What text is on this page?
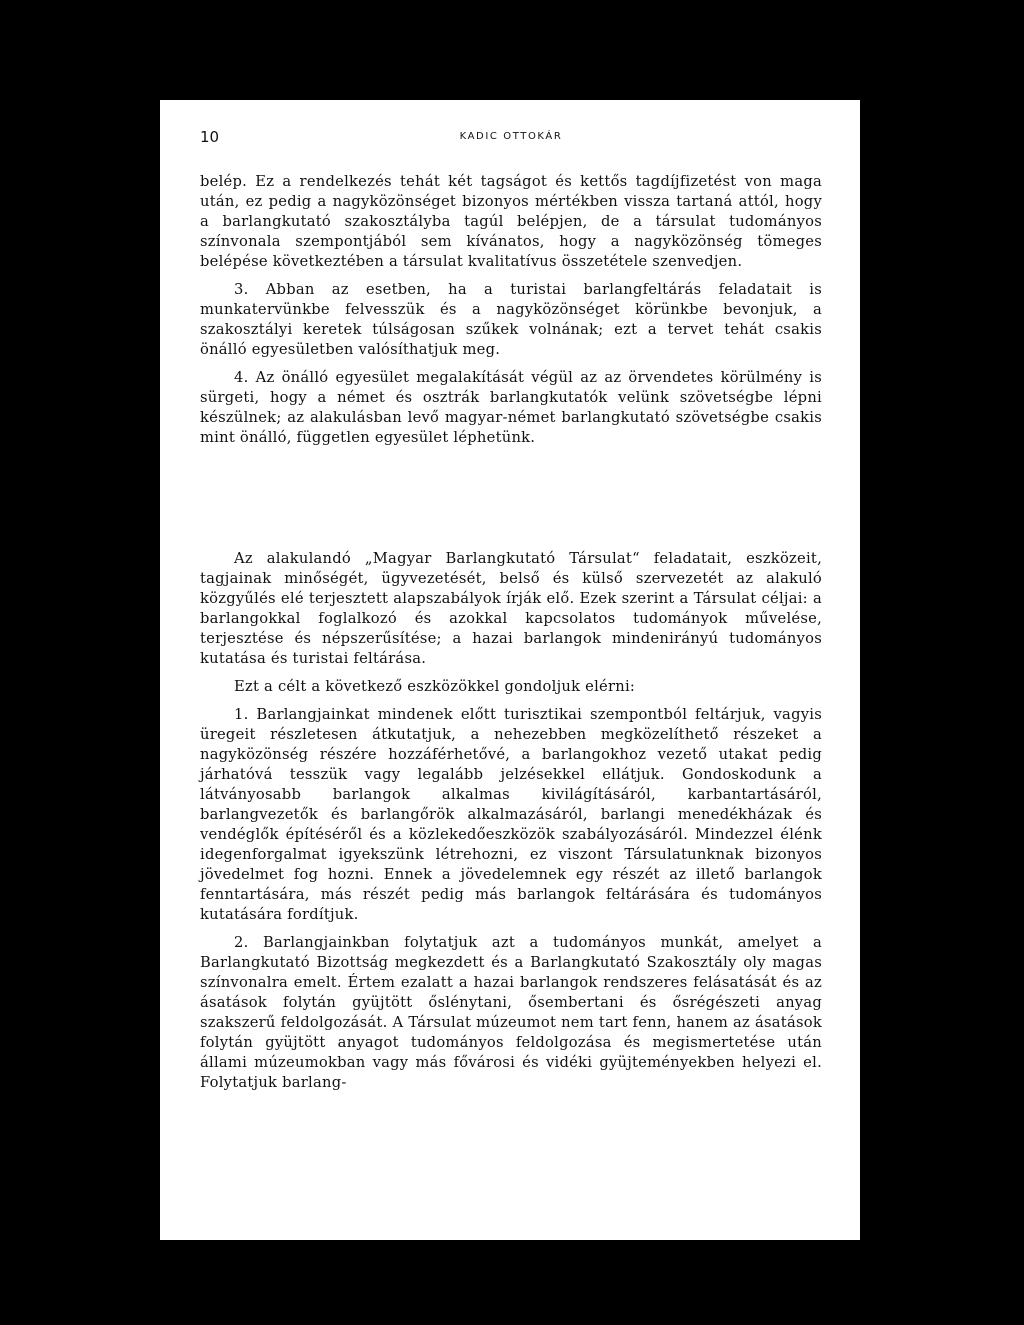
10	KADIC OTTOKÁR

belép. Ez a rendelkezés tehát két tagságot és kettős tagdíjfizetést von maga után, ez pedig a nagyközönséget bizonyos mértékben vissza tartaná attól, hogy a barlangkutató szakosztályba tagúl belépjen, de a társulat tudományos színvonala szempontjából sem kívánatos, hogy a nagyközönség tömeges belépése következtében a társulat kvalitatívus összetétele szenvedjen.

3. Abban az esetben, ha a turistai barlangfeltárás feladatait is munkatervünkbe felvesszük és a nagyközönséget körünkbe bevonjuk, a szakosztályi keretek túlságosan szűkek volnának; ezt a tervet tehát csakis önálló egyesületben valósíthatjuk meg.

4. Az önálló egyesület megalakítását végül az az örvendetes körülmény is sürgeti, hogy a német és osztrák barlangkutatók velünk szövetségbe lépni készülnek; az alakulásban levő magyar-német barlangkutató szövetségbe csakis mint önálló, független egyesület léphetünk.

Az alakulandó „Magyar Barlangkutató Társulat“ feladatait, eszközeit, tagjainak minőségét, ügyvezetését, belső és külső szervezetét az alakuló közgyűlés elé terjesztett alapszabályok írják elő. Ezek szerint a Társulat céljai: a barlangokkal foglalkozó és azokkal kapcsolatos tudományok művelése, terjesztése és népszerűsítése; a hazai barlangok mindenirányú tudományos kutatása és turistai feltárása.

Ezt a célt a következő eszközökkel gondoljuk elérni:

1. Barlangjainkat mindenek előtt turisztikai szempontból feltárjuk, vagyis üregeit részletesen átkutatjuk, a nehezebben megközelíthető részeket a nagyközönség részére hozzáférhetővé, a barlangokhoz vezető utakat pedig járhatóvá tesszük vagy legalább jelzésekkel ellátjuk. Gondoskodunk a látványosabb barlangok alkalmas kivilágításáról, karbantartásáról, barlangvezetők és barlangőrök alkalmazásáról, barlangi menedékházak és vendéglők építéséről és a közlekedőeszközök szabályozásáról. Mindezzel élénk idegenforgalmat igyekszünk létrehozni, ez viszont Társulatunknak bizonyos jövedelmet fog hozni. Ennek a jövedelemnek egy részét az illető barlangok fenntartására, más részét pedig más barlangok feltárására és tudományos kutatására fordítjuk.

2. Barlangjainkban folytatjuk azt a tudományos munkát, amelyet a Barlangkutató Bizottság megkezdett és a Barlangkutató Szakosztály oly magas színvonalra emelt. Értem ezalatt a hazai barlangok rendszeres felásatását és az ásatások folytán gyüjtött őslénytani, ősembertani és ősrégészeti anyag szakszerű feldolgozását. A Társulat múzeumot nem tart fenn, hanem az ásatások folytán gyüjtött anyagot tudományos feldolgozása és megismertetése után állami múzeumokban vagy más fővárosi és vidéki gyüjteményekben helyezi el. Folytatjuk barlang-
